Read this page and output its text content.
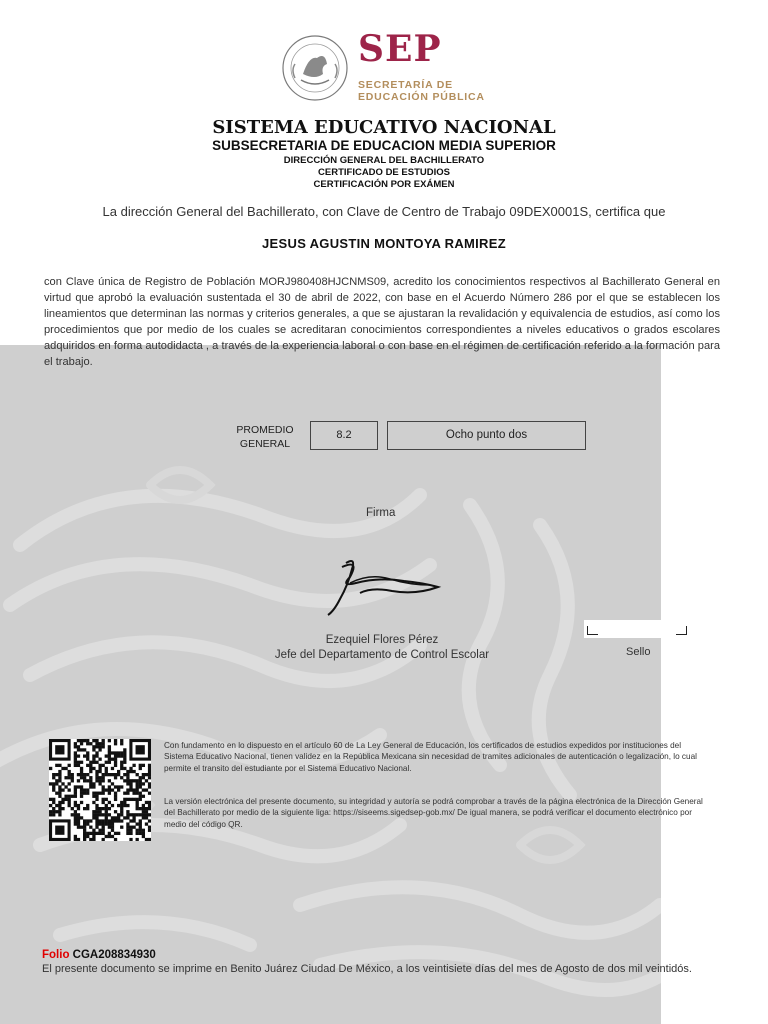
SEP
SECRETARÍA DE
EDUCACIÓN PÚBLICA
SISTEMA EDUCATIVO NACIONAL
SUBSECRETARIA DE EDUCACION MEDIA SUPERIOR
DIRECCIÓN GENERAL DEL BACHILLERATO
CERTIFICADO DE ESTUDIOS
CERTIFICACIÓN POR EXÁMEN
La dirección General del Bachillerato, con Clave de Centro de Trabajo 09DEX0001S, certifica que
JESUS AGUSTIN MONTOYA RAMIREZ
con Clave única de Registro de Población MORJ980408HJCNMS09, acredito los conocimientos respectivos al Bachillerato General en virtud que aprobó la evaluación sustentada el 30 de abril de 2022, con base en el Acuerdo Número 286 por el que se establecen los lineamientos que determinan las normas y criterios generales, a que se ajustaran la revalidación y equivalencia de estudios, así como los procedimientos que por medio de los cuales se acreditaran conocimientos correspondientes a niveles educativos o grados escolares adquiridos en forma autodidacta , a través de la experiencia laboral o con base en el régimen de certificación referido a la formación para el trabajo.
PROMEDIO
GENERAL
8.2	Ocho punto dos
Firma
Ezequiel Flores Pérez
Jefe del Departamento de Control Escolar	Sello
Con fundamento en lo dispuesto en el artículo 60 de La Ley General de Educación, los certificados de estudios expedidos por instituciones del Sistema Educativo Nacional, tienen validez en la República Mexicana sin necesidad de tramites adicionales de autenticación o legalización, lo cual permite el transito del estudiante por el Sistema Educativo Nacional.
La versión electrónica del presente documento, su integridad y autoría se podrá comprobar a través de la página electrónica de la Dirección General del Bachillerato por medio de la siguiente liga: https://siseems.sigedsep-gob.mx/ De igual manera, se podrá verificar el documento electrónico por medio del código QR.
Folio CGA208834930
El presente documento se imprime en Benito Juárez Ciudad De México, a los veintisiete días del mes de Agosto de dos mil veintidós.
